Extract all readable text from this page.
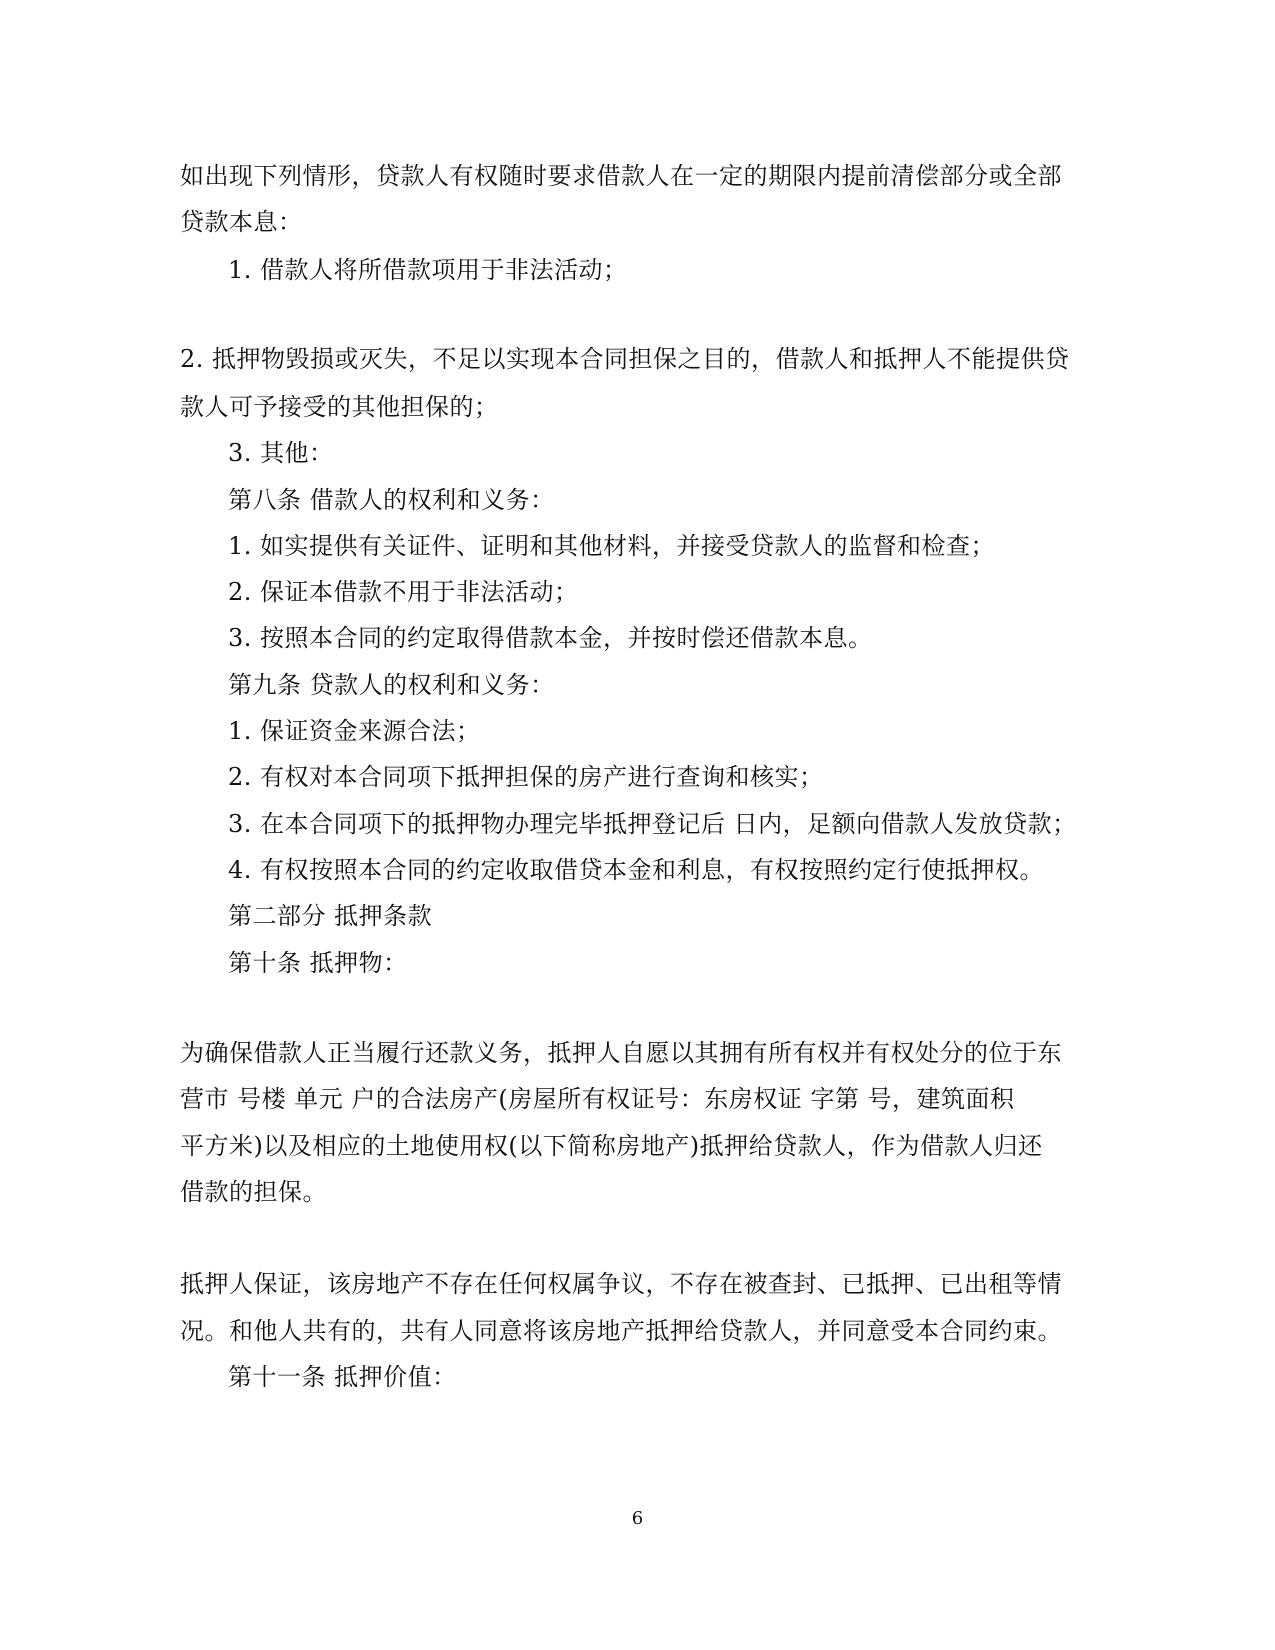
如出现下列情形，贷款人有权随时要求借款人在一定的期限内提前清偿部分或全部
贷款本息：
1. 借款人将所借款项用于非法活动；
2. 抵押物毁损或灭失，不足以实现本合同担保之目的，借款人和抵押人不能提供贷
款人可予接受的其他担保的；
3. 其他：
第八条 借款人的权利和义务：
1. 如实提供有关证件、证明和其他材料，并接受贷款人的监督和检查；
2. 保证本借款不用于非法活动；
3. 按照本合同的约定取得借款本金，并按时偿还借款本息。
第九条 贷款人的权利和义务：
1. 保证资金来源合法；
2. 有权对本合同项下抵押担保的房产进行查询和核实；
3. 在本合同项下的抵押物办理完毕抵押登记后 日内，足额向借款人发放贷款；
4. 有权按照本合同的约定收取借贷本金和利息，有权按照约定行使抵押权。
第二部分 抵押条款
第十条 抵押物：
为确保借款人正当履行还款义务，抵押人自愿以其拥有所有权并有权处分的位于东
营市 号楼 单元 户的合法房产(房屋所有权证号：东房权证 字第 号，建筑面积
平方米)以及相应的土地使用权(以下简称房地产)抵押给贷款人，作为借款人归还
借款的担保。
抵押人保证，该房地产不存在任何权属争议，不存在被查封、已抵押、已出租等情
况。和他人共有的，共有人同意将该房地产抵押给贷款人，并同意受本合同约束。
第十一条 抵押价值：
6
